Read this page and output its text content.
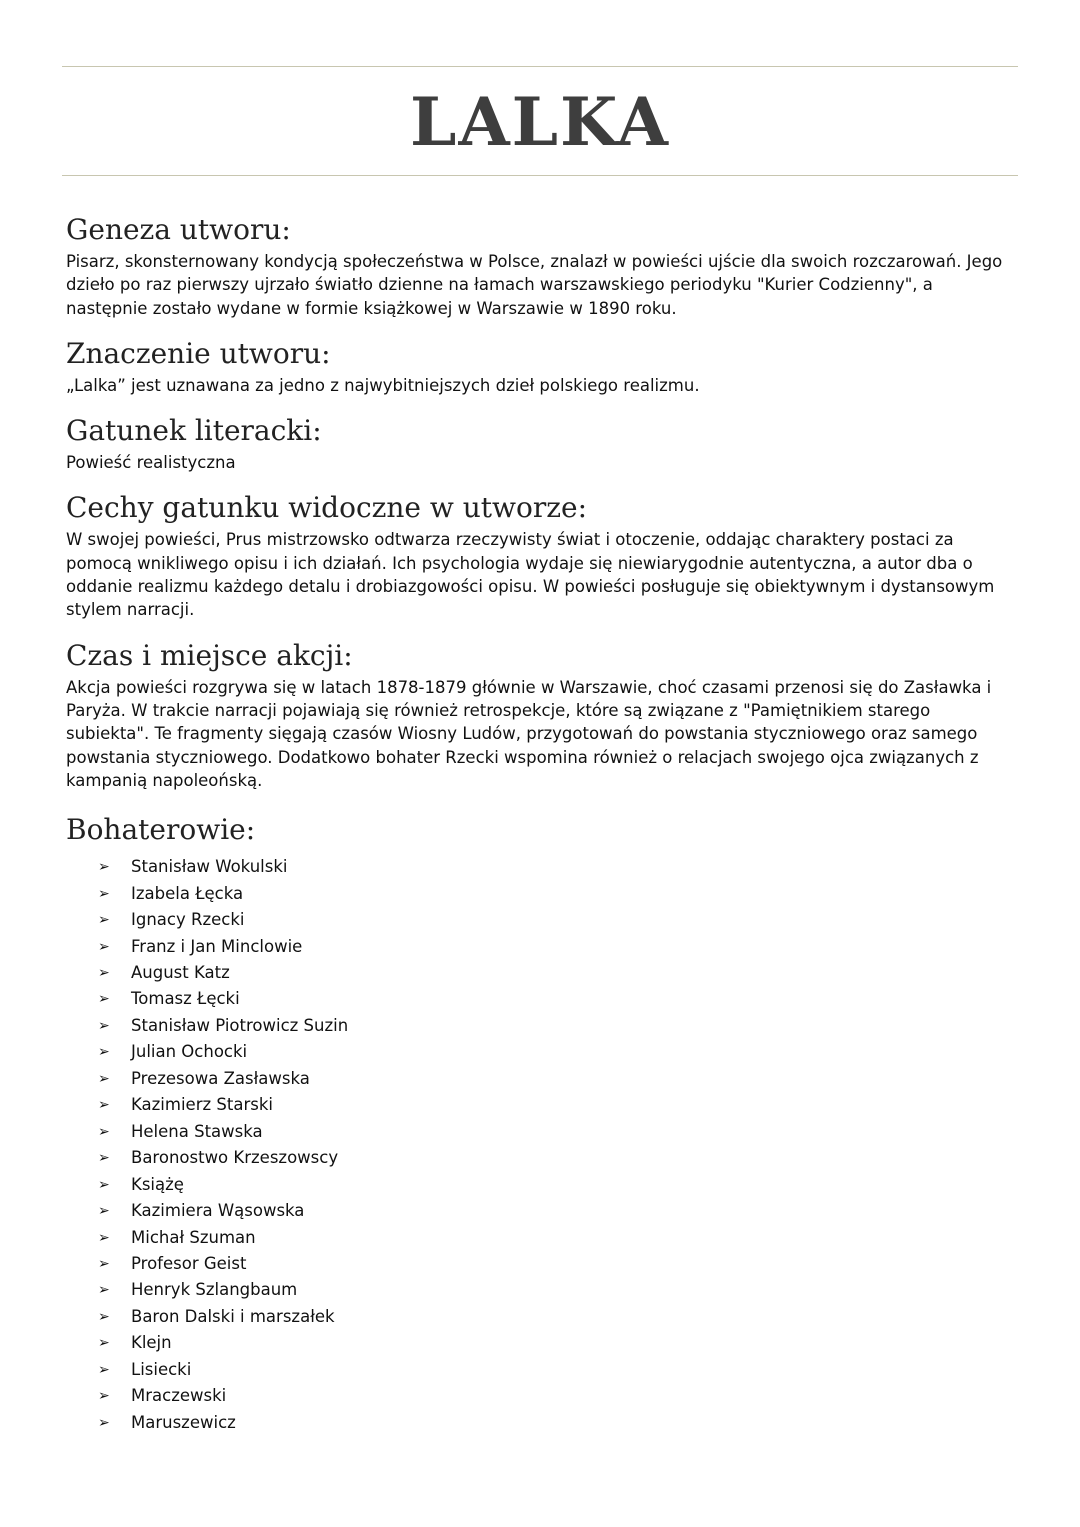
LALKA
Geneza utworu:

Pisarz, skonsternowany kondycją społeczeństwa w Polsce, znalazł w powieści ujście dla swoich rozczarowań. Jego dzieło po raz pierwszy ujrzało światło dzienne na łamach warszawskiego periodyku "Kurier Codzienny", a następnie zostało wydane w formie książkowej w Warszawie w 1890 roku.

Znaczenie utworu:

„Lalka” jest uznawana za jedno z najwybitniejszych dzieł polskiego realizmu.

Gatunek literacki:

Powieść realistyczna

Cechy gatunku widoczne w utworze:

W swojej powieści, Prus mistrzowsko odtwarza rzeczywisty świat i otoczenie, oddając charaktery postaci za pomocą wnikliwego opisu i ich działań. Ich psychologia wydaje się niewiarygodnie autentyczna, a autor dba o oddanie realizmu każdego detalu i drobiazgowości opisu. W powieści posługuje się obiektywnym i dystansowym stylem narracji.

Czas i miejsce akcji:

Akcja powieści rozgrywa się w latach 1878-1879 głównie w Warszawie, choć czasami przenosi się do Zasławka i Paryża. W trakcie narracji pojawiają się również retrospekcje, które są związane z "Pamiętnikiem starego subiekta". Te fragmenty sięgają czasów Wiosny Ludów, przygotowań do powstania styczniowego oraz samego powstania styczniowego. Dodatkowo bohater Rzecki wspomina również o relacjach swojego ojca związanych z kampanią napoleońską.

Bohaterowie:
➢	Stanisław Wokulski
➢	Izabela Łęcka
➢	Ignacy Rzecki
➢	Franz i Jan Minclowie
➢	August Katz
➢	Tomasz Łęcki
➢	Stanisław Piotrowicz Suzin
➢	Julian Ochocki
➢	Prezesowa Zasławska
➢	Kazimierz Starski
➢	Helena Stawska
➢	Baronostwo Krzeszowscy
➢	Książę
➢	Kazimiera Wąsowska
➢	Michał Szuman
➢	Profesor Geist
➢	Henryk Szlangbaum
➢	Baron Dalski i marszałek
➢	Klejn
➢	Lisiecki
➢	Mraczewski
➢	Maruszewicz
